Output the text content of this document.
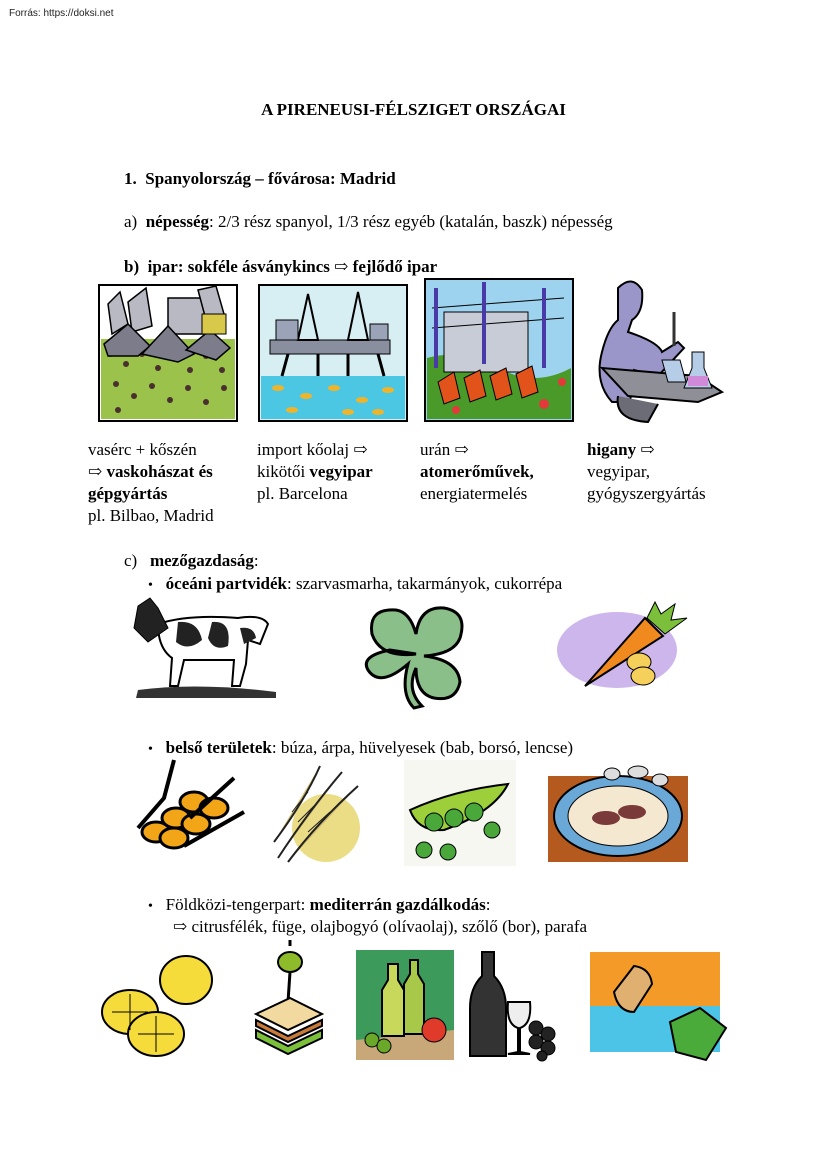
Forrás: https://doksi.net
A PIRENEUSI-FÉLSZIGET ORSZÁGAI
1. Spanyolország – fővárosa: Madrid
a) népesség: 2/3 rész spanyol, 1/3 rész egyéb (katalán, baszk) népesség
b) ipar: sokféle ásványkincs ⇨ fejlődő ipar
vasérc + kőszén
⇨ vaskohászat és
gépgyártás
pl. Bilbao, Madrid
import kőolaj ⇨
kikötői vegyipar
pl. Barcelona
urán ⇨
atomerőművek,
energiatermelés
higany ⇨
vegyipar,
gyógyszergyártás
c) mezőgazdaság:
• óceáni partvidék: szarvasmarha, takarmányok, cukorrépa
• belső területek: búza, árpa, hüvelyesek (bab, borsó, lencse)
• Földközi-tengerpart: mediterrán gazdálkodás:
⇨ citrusfélék, füge, olajbogyó (olívaolaj), szőlő (bor), parafa
